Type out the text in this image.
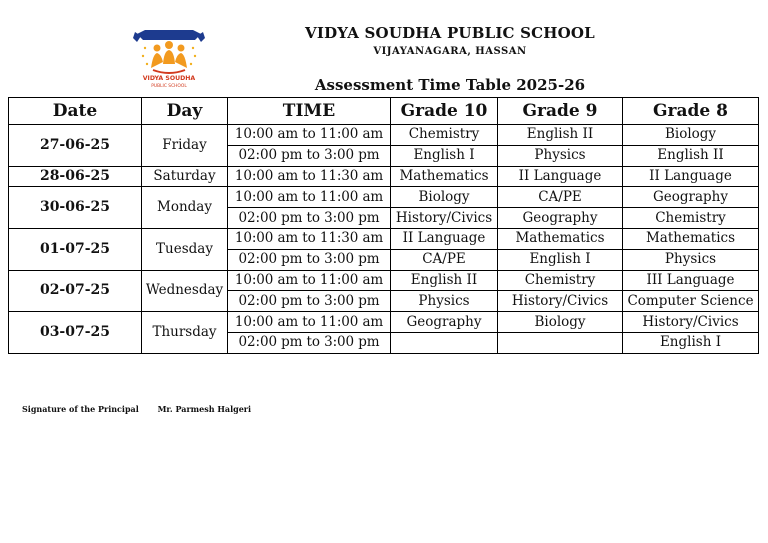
VIDYA SOUDHA
PUBLIC SCHOOL
VIDYA SOUDHA PUBLIC SCHOOL
VIJAYANAGARA, HASSAN
Assessment Time Table 2025-26
Date	Day	TIME	Grade 10	Grade 9	Grade 8
27-06-25	Friday	10:00 am to 11:00 am	Chemistry	English II	Biology
		02:00 pm to 3:00 pm	English I	Physics	English II
28-06-25	Saturday	10:00 am to 11:30 am	Mathematics	II Language	II Language
30-06-25	Monday	10:00 am to 11:00 am	Biology	CA/PE	Geography
		02:00 pm to 3:00 pm	History/Civics	Geography	Chemistry
01-07-25	Tuesday	10:00 am to 11:30 am	II Language	Mathematics	Mathematics
		02:00 pm to 3:00 pm	CA/PE	English I	Physics
02-07-25	Wednesday	10:00 am to 11:00 am	English II	Chemistry	III Language
		02:00 pm to 3:00 pm	Physics	History/Civics	Computer Science
03-07-25	Thursday	10:00 am to 11:00 am	Geography	Biology	History/Civics
		02:00 pm to 3:00 pm			English I
Signature of the Principal Mr. Parmesh Halgeri
